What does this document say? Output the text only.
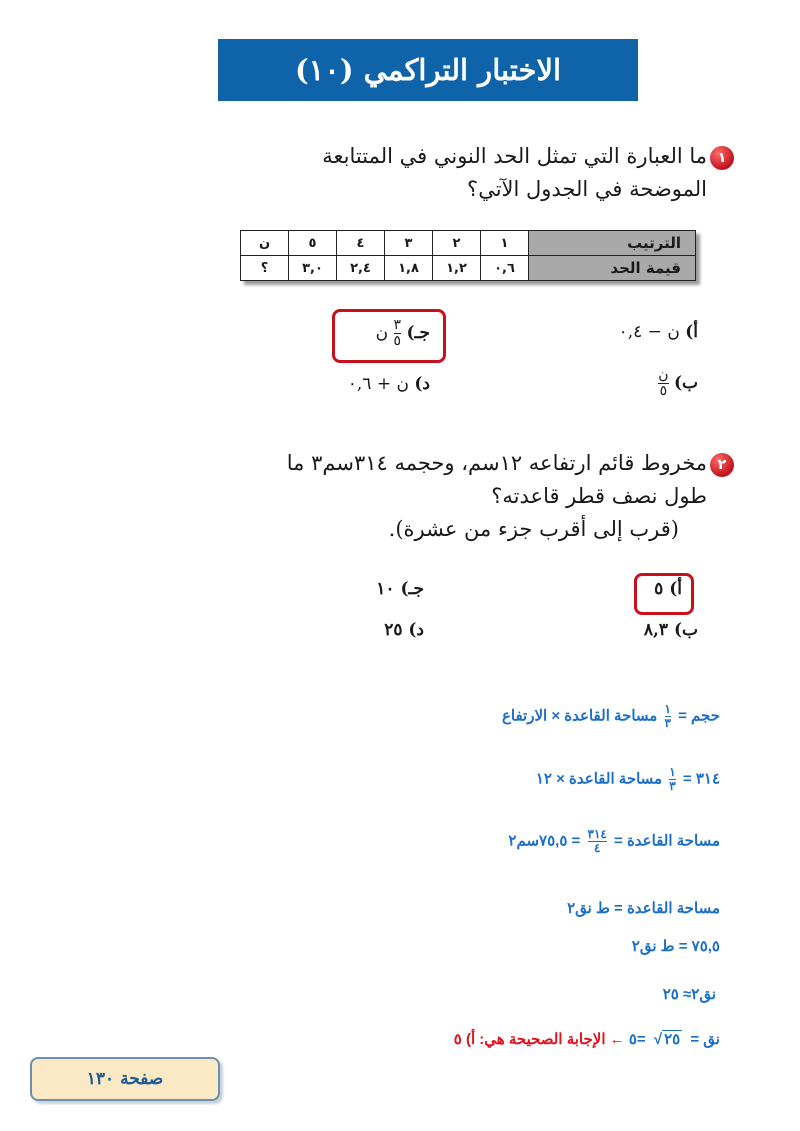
الاختبار التراكمي (١٠)
١
ما العبارة التي تمثل الحد النوني في المتتابعة
الموضحة في الجدول الآتي؟
الترتيب	١	٢	٣	٤	٥	ن
قيمة الحد	٠,٦	١,٢	١,٨	٢,٤	٣,٠	؟
أ) ن − ٠,٤
ب)
$\frac{\text{ن}}{٥}$
جـ)
$\frac{٣}{٥}$
ن
د) ن + ٠,٦
٢
مخروط قائم ارتفاعه ١٢سم، وحجمه ٣١٤سم٣ ما
طول نصف قطر قاعدته؟
(قرب إلى أقرب جزء من عشرة).
أ) ٥
ب) ٨,٣
جـ) ١٠
د) ٢٥
حجم =
١
٣
مساحة القاعدة × الارتفاع
٣١٤ =
١
٣
مساحة القاعدة × ١٢
مساحة القاعدة =
٣١٤
٤
= ٧٥,٥سم٢
مساحة القاعدة = ط نق٢
٧٥,٥ = ط نق٢
نق٢≈ ٢٥
نق = ٢٥√ =٥ ← الإجابة الصحيحة هي: أ) ٥
صفحة ١٣٠
